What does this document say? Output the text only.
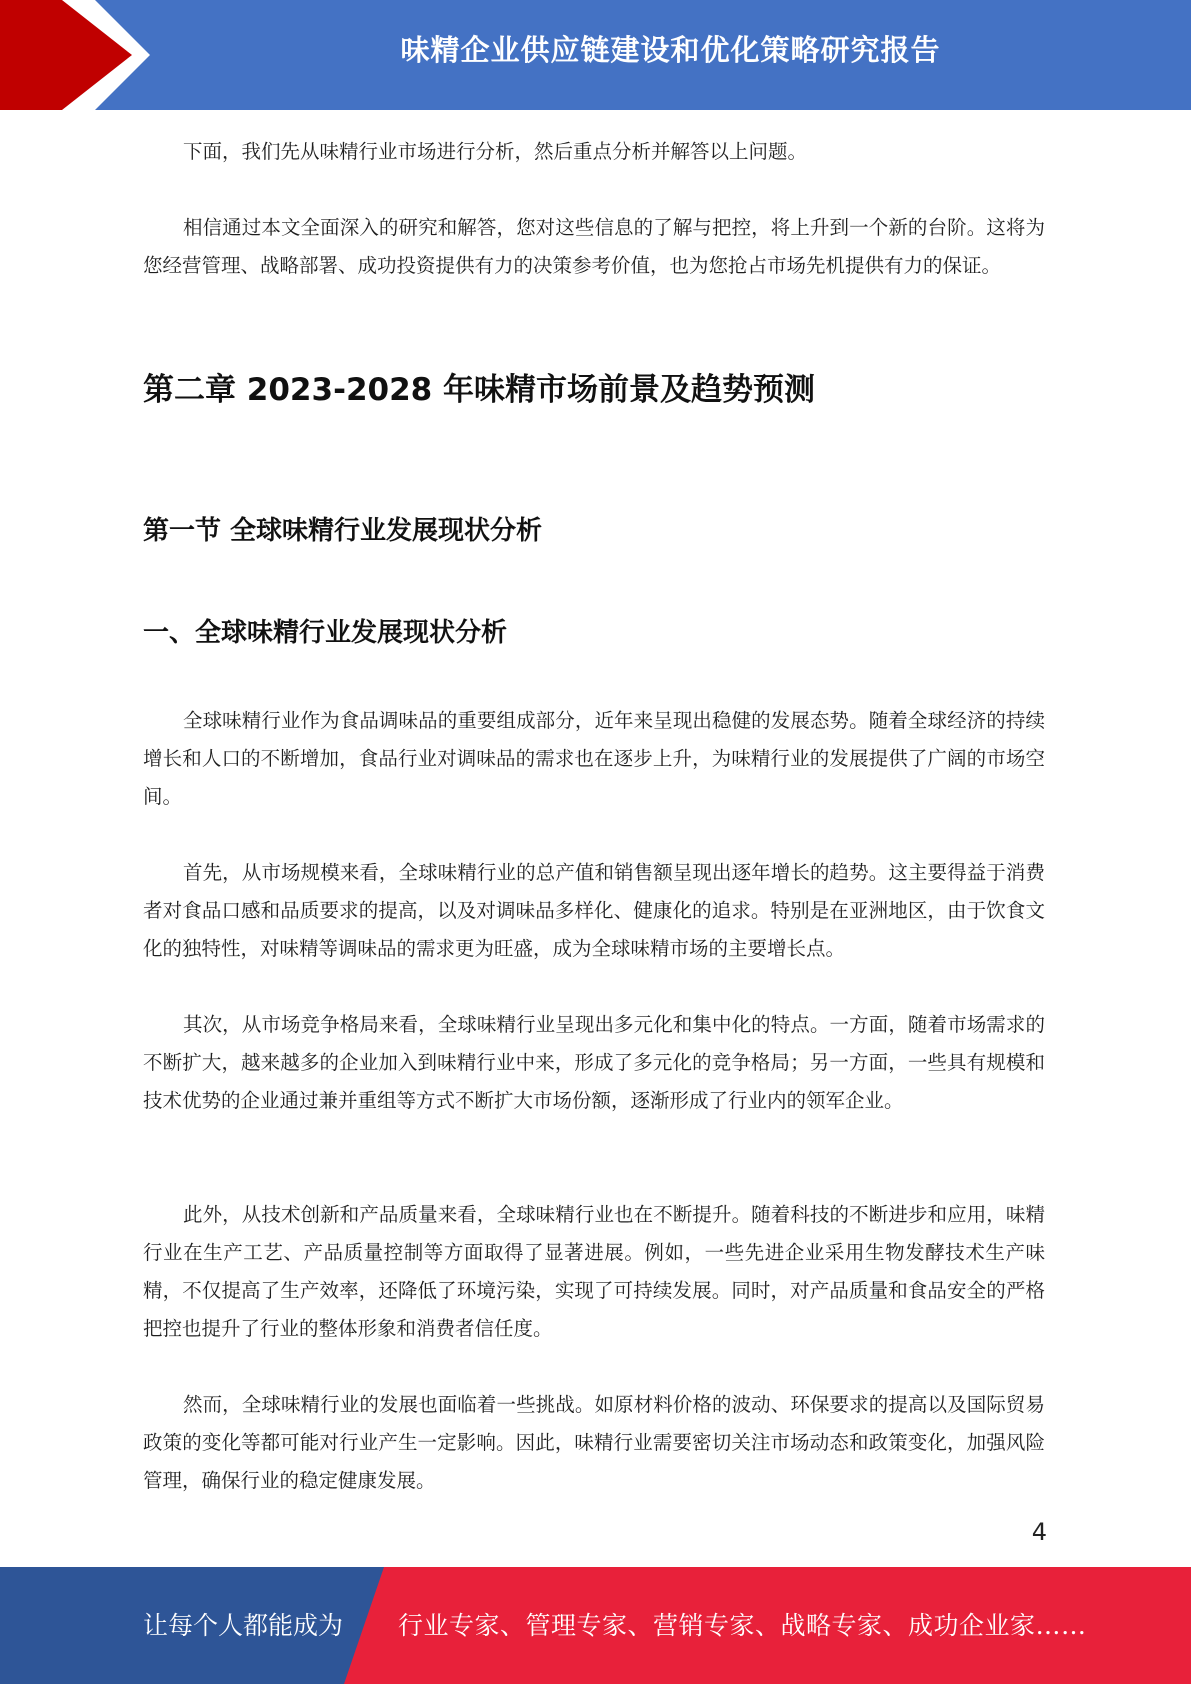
味精企业供应链建设和优化策略研究报告

下面，我们先从味精行业市场进行分析，然后重点分析并解答以上问题。

相信通过本文全面深入的研究和解答，您对这些信息的了解与把控，将上升到一个新的台阶。这将为您经营管理、战略部署、成功投资提供有力的决策参考价值，也为您抢占市场先机提供有力的保证。

第二章 2023-2028 年味精市场前景及趋势预测
第一节 全球味精行业发展现状分析
一、全球味精行业发展现状分析

全球味精行业作为食品调味品的重要组成部分，近年来呈现出稳健的发展态势。随着全球经济的持续增长和人口的不断增加，食品行业对调味品的需求也在逐步上升，为味精行业的发展提供了广阔的市场空间。

首先，从市场规模来看，全球味精行业的总产值和销售额呈现出逐年增长的趋势。这主要得益于消费者对食品口感和品质要求的提高，以及对调味品多样化、健康化的追求。特别是在亚洲地区，由于饮食文化的独特性，对味精等调味品的需求更为旺盛，成为全球味精市场的主要增长点。

其次，从市场竞争格局来看，全球味精行业呈现出多元化和集中化的特点。一方面，随着市场需求的不断扩大，越来越多的企业加入到味精行业中来，形成了多元化的竞争格局；另一方面，一些具有规模和技术优势的企业通过兼并重组等方式不断扩大市场份额，逐渐形成了行业内的领军企业。

此外，从技术创新和产品质量来看，全球味精行业也在不断提升。随着科技的不断进步和应用，味精行业在生产工艺、产品质量控制等方面取得了显著进展。例如，一些先进企业采用生物发酵技术生产味精，不仅提高了生产效率，还降低了环境污染，实现了可持续发展。同时，对产品质量和食品安全的严格把控也提升了行业的整体形象和消费者信任度。

然而，全球味精行业的发展也面临着一些挑战。如原材料价格的波动、环保要求的提高以及国际贸易政策的变化等都可能对行业产生一定影响。因此，味精行业需要密切关注市场动态和政策变化，加强风险管理，确保行业的稳定健康发展。

4
让每个人都能成为 行业专家、管理专家、营销专家、战略专家、成功企业家……
